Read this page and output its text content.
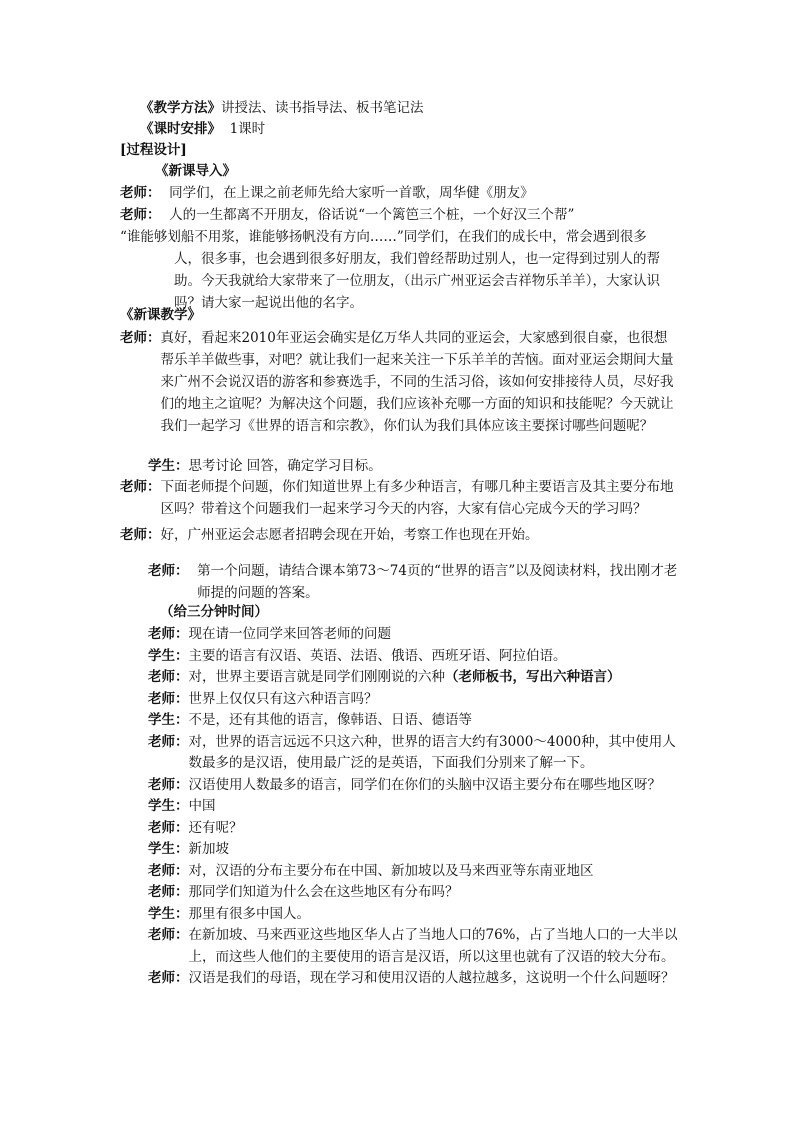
《教学方法》讲授法、读书指导法、板书笔记法
《课时安排》 1课时
[过程设计]
《新课导入》
老师：
同学们，在上课之前老师先给大家听一首歌，周华健《朋友》
老师：
人的一生都离不开朋友，俗话说“一个篱笆三个桩，一个好汉三个帮”
“谁能够划船不用浆，谁能够扬帆没有方向……”同学们，在我们的成长中，常会遇到很多
人，很多事，也会遇到很多好朋友，我们曾经帮助过别人，也一定得到过别人的帮助。今天我就给大家带来了一位朋友，（出示广州亚运会吉祥物乐羊羊），大家认识吗？请大家一起说出他的名字。
《新课教学》
老师： 真好，看起来2010年亚运会确实是亿万华人共同的亚运会，大家感到很自豪，也很想帮乐羊羊做些事，对吧？就让我们一起来关注一下乐羊羊的苦恼。面对亚运会期间大量来广州不会说汉语的游客和参赛选手，不同的生活习俗，该如何安排接待人员，尽好我们的地主之谊呢？为解决这个问题，我们应该补充哪一方面的知识和技能呢？今天就让我们一起学习《世界的语言和宗教》，你们认为我们具体应该主要探讨哪些问题呢？
学生： 思考讨论 回答，确定学习目标。
老师： 下面老师提个问题，你们知道世界上有多少种语言，有哪几种主要语言及其主要分布地区吗？带着这个问题我们一起来学习今天的内容，大家有信心完成今天的学习吗？
老师： 好，广州亚运会志愿者招聘会现在开始，考察工作也现在开始。
老师：
第一个问题，请结合课本第73～74页的“世界的语言”以及阅读材料，找出刚才老师提的问题的答案。
（给三分钟时间）
老师： 现在请一位同学来回答老师的问题
学生： 主要的语言有汉语、英语、法语、俄语、西班牙语、阿拉伯语。
老师： 对，世界主要语言就是同学们刚刚说的六种（老师板书，写出六种语言）
老师： 世界上仅仅只有这六种语言吗？
学生： 不是，还有其他的语言，像韩语、日语、德语等
老师： 对，世界的语言远远不只这六种，世界的语言大约有3000～4000种，其中使用人数最多的是汉语，使用最广泛的是英语，下面我们分别来了解一下。
老师： 汉语使用人数最多的语言，同学们在你们的头脑中汉语主要分布在哪些地区呀？
学生： 中国
老师： 还有呢？
学生： 新加坡
老师： 对，汉语的分布主要分布在中国、新加坡以及马来西亚等东南亚地区
老师： 那同学们知道为什么会在这些地区有分布吗？
学生： 那里有很多中国人。
老师： 在新加坡、马来西亚这些地区华人占了当地人口的76%，占了当地人口的一大半以上，而这些人他们的主要使用的语言是汉语，所以这里也就有了汉语的较大分布。
老师： 汉语是我们的母语，现在学习和使用汉语的人越拉越多，这说明一个什么问题呀？
